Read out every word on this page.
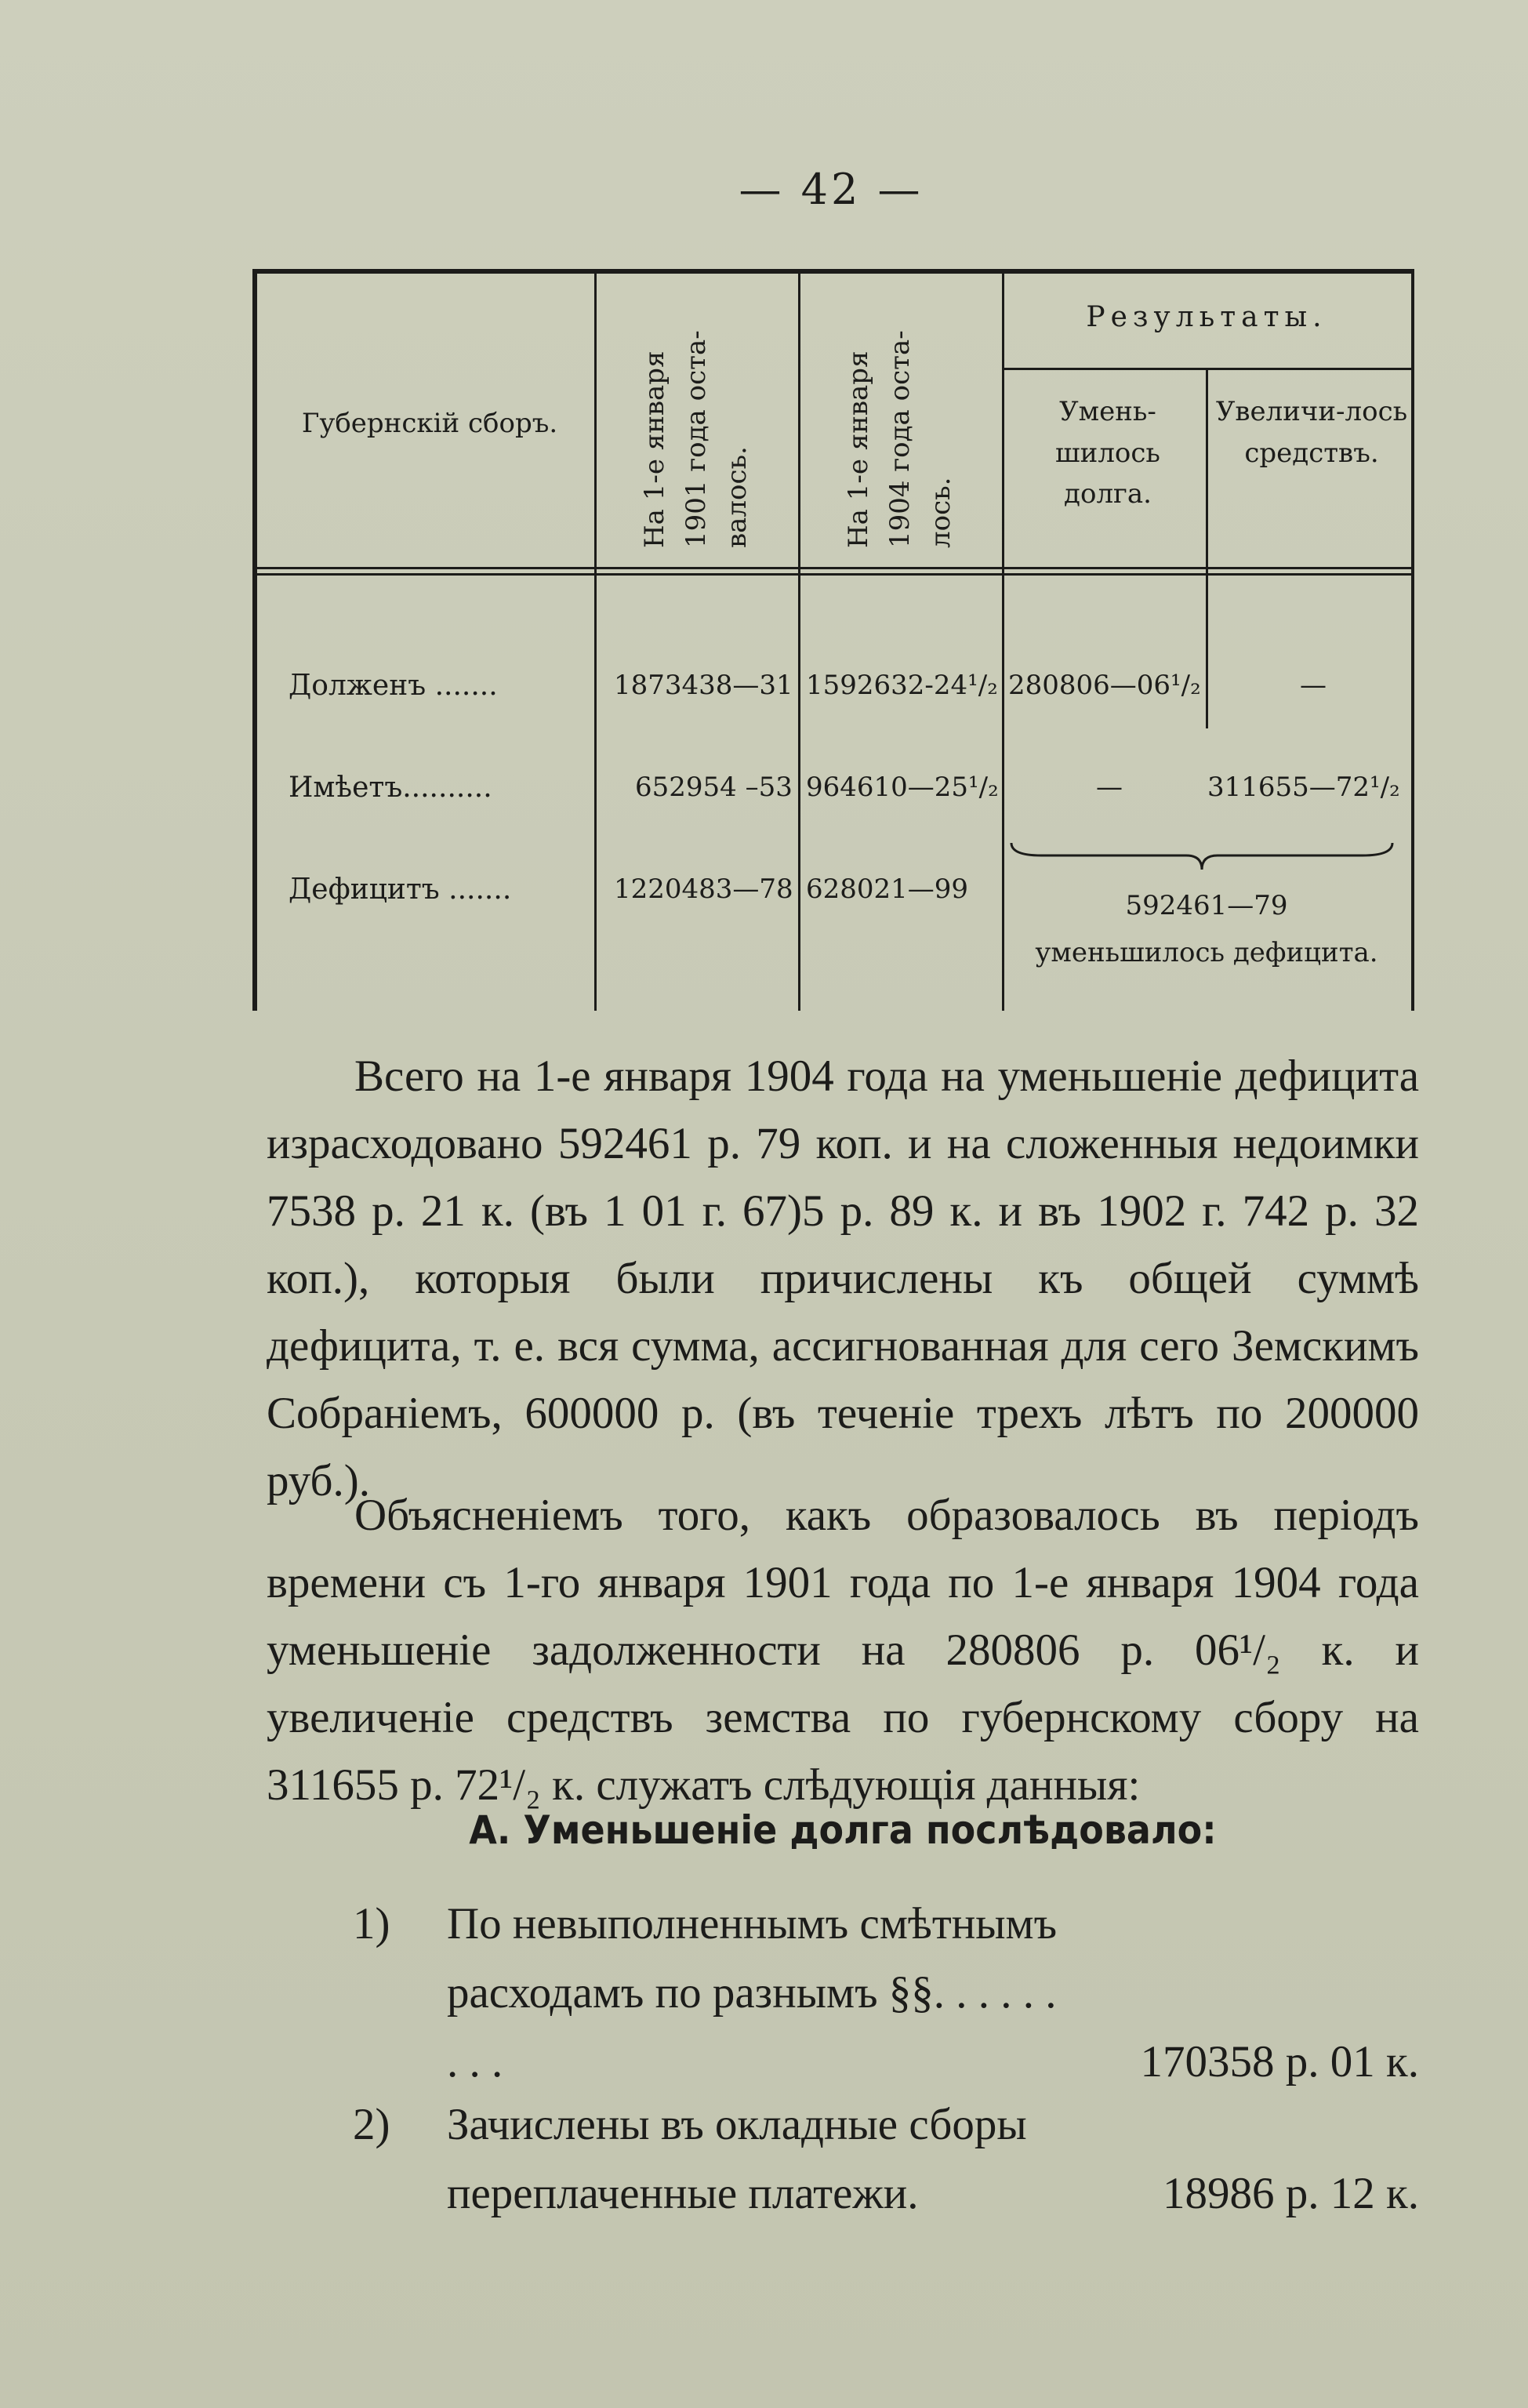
— 42 —
Губернскій сборъ.	На 1-е января 1901 года оста-валось.	На 1-е января 1904 года оста-лось.
Результаты.
Умень-шилось долга.
Увеличи-лось средствъ.
Долженъ .......	1873438—31 1592632-24¹/₂ 280806—06¹/₂	—
Имѣетъ..........	652954 –53 964610—25¹/₂	—	311655—72¹/₂
Дефицитъ .......	1220483—78 628021—99
592461—79
уменьшилось дефицита.
Всего на 1-е января 1904 года на уменьшеніе дефицита израсходовано 592461 р. 79 коп. и на сложенныя недоимки 7538 р. 21 к. (въ 1 01 г. 67)5 р. 89 к. и въ 1902 г. 742 р. 32 коп.), которыя были причислены къ общей суммѣ дефицита, т. е. вся сумма, ассигнованная для сего Земскимъ Собраніемъ, 600000 р. (въ теченіе трехъ лѣтъ по 200000 руб.).
Объясненіемъ того, какъ образовалось въ періодъ времени съ 1-го января 1901 года по 1-е января 1904 года уменьшеніе задолженности на 280806 р. 06¹/₂ к. и увеличеніе средствъ земства по губернскому сбору на 311655 р. 72¹/₂ к. служатъ слѣдующія данныя:
А. Уменьшеніе долга послѣдовало:
1) По невыполненнымъ смѣтнымъ расходамъ по разнымъ §§. . . . . . . . .	170358 р. 01 к.
2) Зачислены въ окладные сборы переплаченные платежи.	18986 р. 12 к.
